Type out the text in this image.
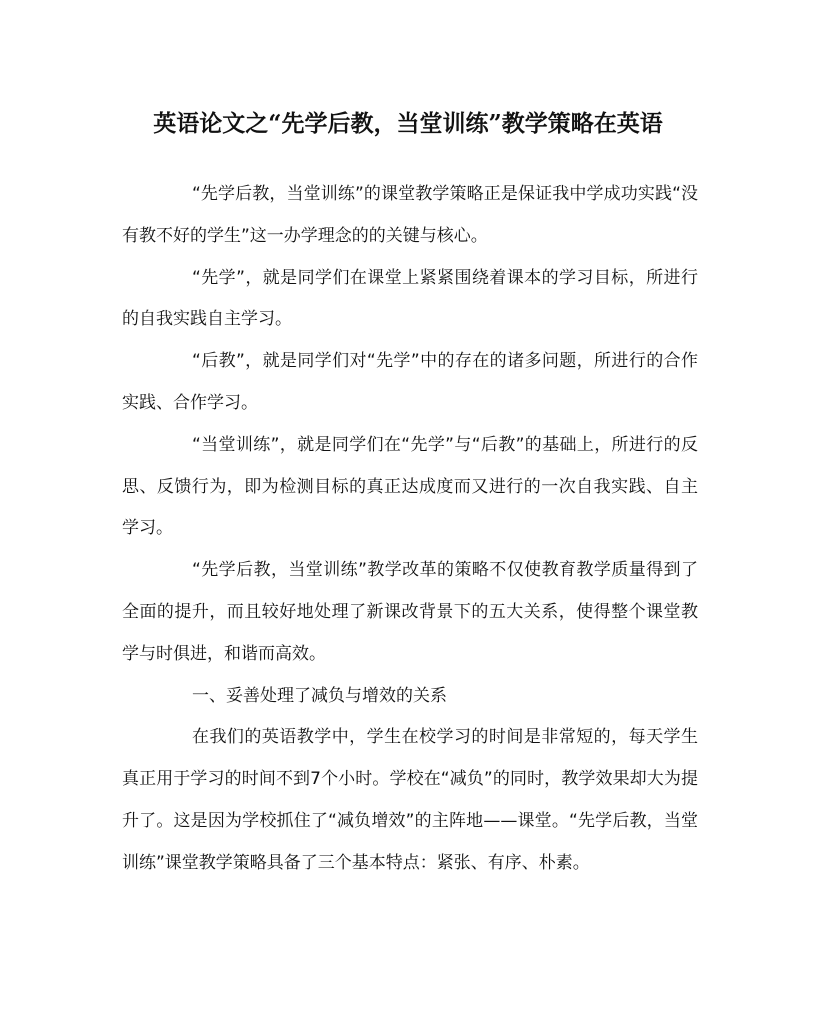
英语论文之“先学后教，当堂训练”教学策略在英语

“先学后教，当堂训练”的课堂教学策略正是保证我中学成功实践“没有教不好的学生”这一办学理念的的关键与核心。

“先学”，就是同学们在课堂上紧紧围绕着课本的学习目标，所进行的自我实践自主学习。

“后教”，就是同学们对“先学”中的存在的诸多问题，所进行的合作实践、合作学习。

“当堂训练”，就是同学们在“先学”与“后教”的基础上，所进行的反思、反馈行为，即为检测目标的真正达成度而又进行的一次自我实践、自主学习。

“先学后教，当堂训练”教学改革的策略不仅使教育教学质量得到了全面的提升，而且较好地处理了新课改背景下的五大关系，使得整个课堂教学与时俱进，和谐而高效。

一、妥善处理了减负与增效的关系

在我们的英语教学中，学生在校学习的时间是非常短的，每天学生真正用于学习的时间不到7个小时。学校在“减负”的同时，教学效果却大为提升了。这是因为学校抓住了“减负增效”的主阵地——课堂。“先学后教，当堂训练”课堂教学策略具备了三个基本特点：紧张、有序、朴素。
